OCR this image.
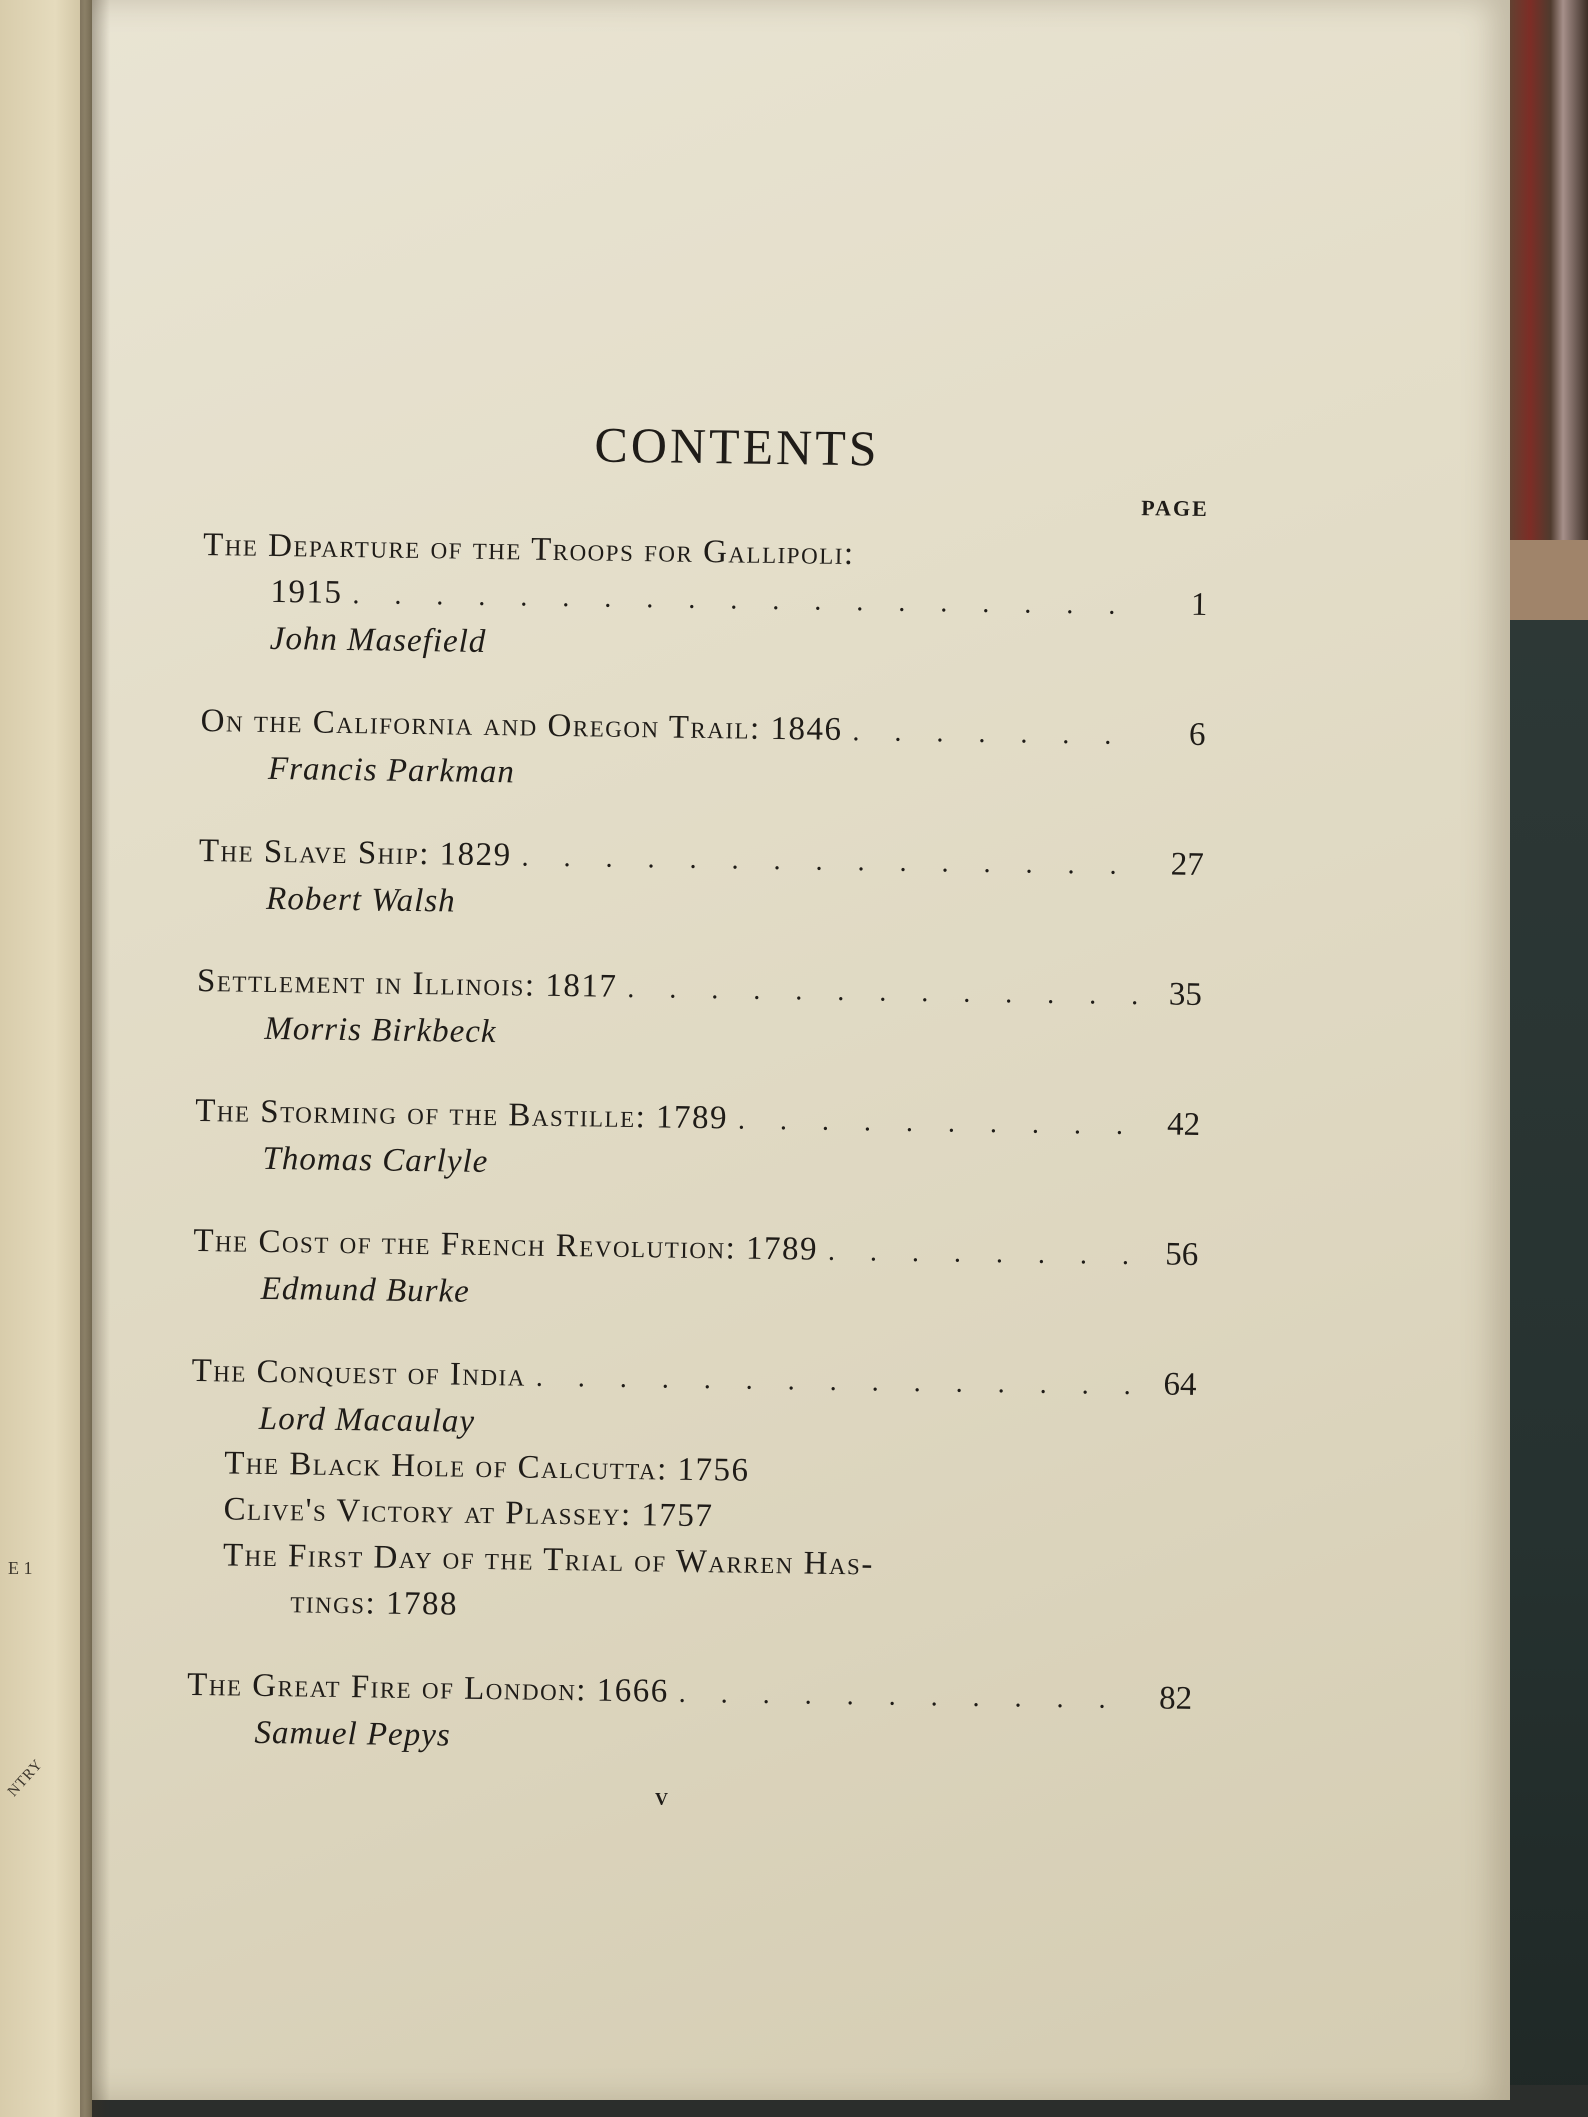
E 1
NTRY
CONTENTS
PAGE
The Departure of the Troops for Gallipoli:
1915 . . .	1
John Masefield
On the California and Oregon Trail: 1846 . . .	6
Francis Parkman
The Slave Ship: 1829 . . .	27
Robert Walsh
Settlement in Illinois: 1817 . . .	35
Morris Birkbeck
The Storming of the Bastille: 1789 . . .	42
Thomas Carlyle
The Cost of the French Revolution: 1789 . . .	56
Edmund Burke
The Conquest of India . . .	64
Lord Macaulay
The Black Hole of Calcutta: 1756
Clive's Victory at Plassey: 1757
The First Day of the Trial of Warren Has-
tings: 1788
The Great Fire of London: 1666 . . .	82
Samuel Pepys
v
